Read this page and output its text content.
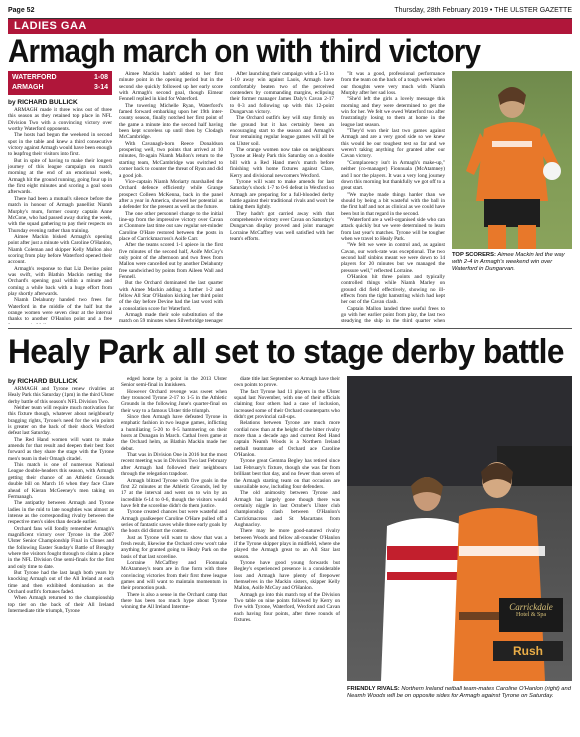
Page 52	Thursday, 28th February 2019 • THE ULSTER GAZETTE
LADIES GAA
Armagh march on with third victory
WATERFORD	1-08
ARMAGH	3-14
by RICHARD BULLICK

ARMAGH made it three wins out of three this season as they retained top place in NFL Division Two with a convincing victory over worthy Waterford opponents.

The hosts had begun the weekend in second spot in the table and knew a third consecutive victory against Armagh would have been enough to leapfrog their visitors into first.

But in spite of having to make their longest journey of this league campaign on match morning at the end of an emotional week, Armagh hit the ground running, going four up in the first eight minutes and scoring a goal soon afterwards.

There had been a mutual's silence before the match in honour of Armagh panellist Niamh Murphy's mum, former county captain Anne McCone, who had passed away during the week, with the squad gathering to pay their respects on Thursday evening rather than training.

Aimee Mackin bisked Armagh's opening point after just a minute with Caroline O'Hanlon, Niamh Coleman and skipper Kelly Mallon also scoring from play before Waterford opened their account.

Armagh's response to that Liz Devine point was swift, with Blathin Mackin netting the Orchard's opening goal within a minute and coming a while back with a huge effort from play shortly afterwards.

Niamh Delahunty handed two frees for Waterford in the middle of the half but the orange women were seven clear at the interval thanks to another O'Hanlon point and a free

Aimee Mackin hadn't added to her first minute point in the opening period but in the second she quickly followed up her early score with Armagh's second goal, though Eimear Fennell replied in kind for Waterford.

The towering Michelle Ryan, Waterford's famed forward embarking upon her 19th inter-county season, finally notched her first point of the game a minute into the second half having been kept scoreless up until then by Clodagh McCambridge.

With Cavanagh-born Reece Donaldson prospering well, two points that arrived at 10 minutes, fit-again Niamh Mallon's return to the starting team, McCambridge was switched to corner back to counter the threat of Ryan and did a good job.

Vice-captain Niamh Moriarty marshalled the Orchard defence efficiently while Grange prospect Colleen McKenna, back in the panel after a year in America, showed her potential as a defender for the present as well as the future.

The one other personnel change to the initial line-up from the impressive victory over Cavan at Clonmore last time out saw regular set-minder Caroline O'Hare restored between the posts in place of Carrickmacross's Aoife Carr.

After the teams scored 1-1 apiece in the first five minutes of the second half, Aoife McCoy's only point of the afternoon and two frees from Mallon were cancelled out by another Delahunty free sandwiched by points from Aileen Wall and Fennell.

But the Orchard dominated the last quarter with Aimee Mackin adding a further 1-2 and fellow All Star O'Hanlon kicking her third point of the day before Devine had the last word with a consolation score for Waterford.

Armagh made their sole substitution of the match on 59 minutes when Silverbridge teenager

After launching their campaign with a 5-13 to 1-10 away win against Laois, Armagh have comfortably beaten two of the perceived contenders by commanding margins, eclipsing their former manager James Daly's Cavan 2-17 to 0-3 and following up with this 12-point Dungarvan victory.

The Orchard outfit's key will stay firmly on the ground but it has certainly been an encouraging start to the season and Armagh's four remaining regular league games will all be on Ulster soil.

The orange women now take on neighbours Tyrone at Healy Park this Saturday on a double bill with a Red Hand men's match before finishing with home fixtures against Clare, Kerry and divisional newcomers Wexford.

Tyrone will want to make amends for last Saturday's shock 1-7 to 0-6 defeat in Wexford so Armagh are preparing for a full-blooded derby battle against their traditional rivals and won't be taking them lightly.

They hadn't got carried away with that comprehensive victory over Cavan on Saturday's Dungarvan display proved and joint manager Lorraine McCaffrey was well satisfied with her team's efforts.

"It was a good, professional performance from the team on the back of a tough week when our thoughts were very much with Niamh Murphy after her sad loss.

"She'd left the girls a lovely message this morning and they were determined to get the win for her. We felt we owed Waterford too after frustratingly losing to them at home in the league last season.

"They'd won their last two games against Armagh and are a very good side so we knew this would be our toughest test so far and we weren't taking anything for granted after our Cavan victory.

"Complacency isn't in Armagh's make-up," neither (co-manager) Fionnuala (McAtamney) and I nor the players. It was a very long journey down this morning but thankfully we got off to a great start.

"We maybe made things harder than we should by being a bit wasteful with the ball in the first half and not as clinical as we could have been but in that regard in the second.

"Waterford are a well-organised side who can attack quickly but we were determined to learn from last year's matches. Tyrone will be tougher when we travel to Healy Park.

"We felt we were in control and, as against Cavan, our work-rate was exceptional. The two second half sinbins meant we were down to 14 players for 20 minutes but we managed the pressure well," reflected Lorraine.

O'Hanlon hit three points and typically controlled things while Niamh Marley on ground did field effectively, showing no ill-effects from the tight hamstring which had kept her out of the Cavan clash.

Captain Mallon landed three useful frees to go with her earlier point from play, the last two steadying the ship in the third quarter when

TOP SCORERS: Aimee Mackin led the way with 2-4 in Armagh's weekend win over Waterford in Dungarvan.
Healy Park all set to stage derby battle
by RICHARD BULLICK

ARMAGH and Tyrone renew rivalries at Healy Park this Saturday (1pm) in the third Ulster derby battle of this season's NFL Division Two.

Neither team will require much motivation for this fixture though, whatever about neighbourly bragging rights, Tyrone's need for the win points is greater on the back of their shock Wexford defeat last Saturday.

The Red Hand women will want to make amends for that result and deepen their best foot forward as they share the stage with the Tyrone men's team in their Omagh citadel.

This match is one of numerous National League double-headers this season, with Armagh getting their chance of an Athletic Grounds double bill on March 16 when they face Clare ahead of Kieran McGeeney's men taking on Fermanagh.

The antipathy between Armagh and Tyrone ladies in the mid to late noughties was almost as intense as the corresponding rivalry between the respective men's sides than decade earlier.

Orchard fans will fondly remember Armagh's magnificent victory over Tyrone in the 2007 Ulster Senior Championship Final in Clones and the following Easter Sunday's Battle of Breaghy where the visitors fought through to claim a place in the NFL Division One semi-finals for the first and only time to date.

But Tyrone had the last laugh both years by knocking Armagh out of the All Ireland at each time and then exhibited domination as the Orchard outfit's fortunes faded.

When Armagh returned to the championship top tier on the back of their All Ireland Intermediate title triumph, Tyrone

edged home by a point in the 2013 Ulster Senior semi-final in Inniskeen.

However Orchard revenge was sweet when they trounced Tyrone 2-17 to 1-5 in the Athletic Grounds in the following June's quarter-final on their way to a famous Ulster title triumph.

Since then Armagh have defeated Tyrone in emphatic fashion in two league games, inflicting a humiliating 5-20 to 0-5 hammering on their hosts at Dunagan in March. Cathal Ivers game at the Orchard helm, as Blathin Mackin made her debut.

That was in Division One in 2016 but the most recent meeting was in Division Two last February after Armagh had followed their neighbours through the relegation trapdoor.

Armagh blitzed Tyrone with five goals in the first 22 minutes at the Athletic Grounds, led by 17 at the interval and went on to win by an incredible 6-14 to 0-6, though the visitors would have felt the scoreline didn't do them justice.

Tyrone created chances but were wasteful and Armagh goalkeeper Caroline O'Hare pulled off a series of fantastic saves while three early goals by the hosts did distort the contest.

Just as Tyrone will want to show that was a fresh result, likewise the Orchard crew won't take anything for granted going to Healy Park on the basis of that last scoreline.

Lorraine McCaffrey and Fionnuala McAtamney's team are in fine form with three convincing victories from their first three league games and will want to maintain momentum in their promotion push.

There is also a sense in the Orchard camp that there has been too much hype about Tyrone winning the All Ireland Interme-

diate title last September so Armagh have their own points to prove.

The fact Tyrone had 11 players in the Ulster squad last November, with one of their officials claiming four others had a case of inclusion, increased some of their Orchard counterparts who didn't get provincial call-ups.

Relations between Tyrone are much more cordial now than at the height of the bitter rivalry more than a decade ago and current Red Hand captain Neamh Woods is a Northern Ireland netball teammate of Orchard ace Caroline O'Hanlon.

Tyrone great Gemma Begley has retired since last February's fixture, though she was far from brilliant best that day, and no fewer than seven of the Armagh starting team on that occasion are unavailable now, including four defenders.

The old animosity between Tyrone and Armagh has largely gone though there was certainly niggle in last October's Ulster club championship clash between O'Hanlon's Carrickmacross and St Macartans from Aughnacloy.

There may be more good-natured rivalry between Woods and fellow all-rounder O'Hanlon if the Tyrone skipper plays in midfield, where she played the Armagh great to an All Star last season.

Tyrone have good young forwards but Begley's experienced presence is a considerable loss and Armagh have plenty of firepower themselves in the Mackin sisters, skipper Kelly Mallon, Aoife McCoy and O'Hanlon.

Armagh go into this match top of the Division Two table on nine points followed by Kerry on five with Tyrone, Waterford, Wexford and Cavan each having four points, after three rounds of fixtures.

Carrickdale
Hotel & Spa
Rush
FRIENDLY RIVALS: Northern Ireland netball team-mates Caroline O'Hanlon (right) and Neamh Woods will be on opposite sides for Armagh against Tyrone on Saturday.
